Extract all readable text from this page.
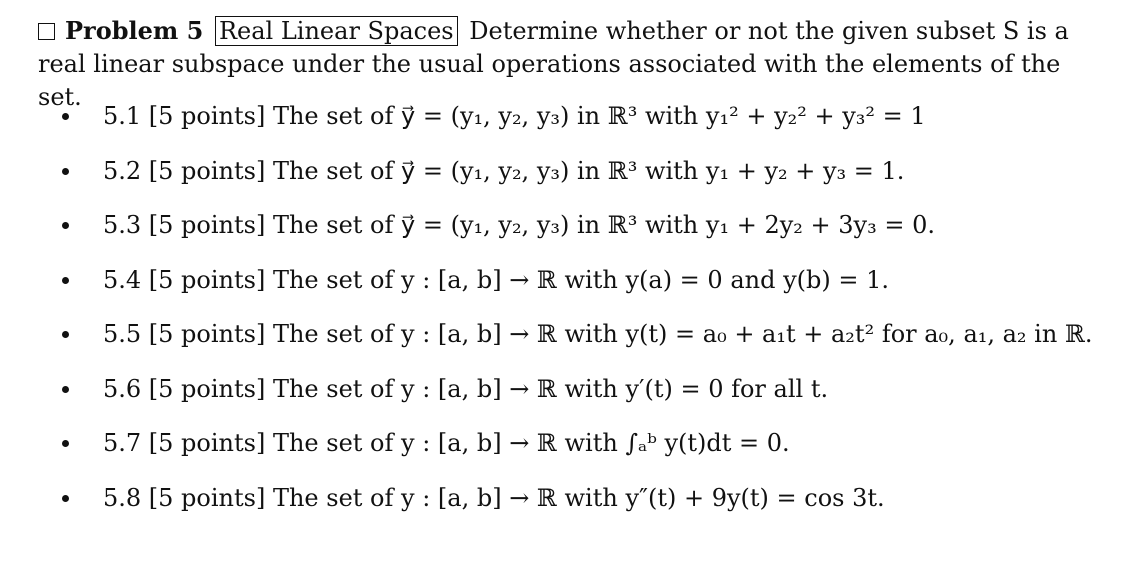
Problem 5 Real Linear Spaces Determine whether or not the given subset S is a
real linear subspace under the usual operations associated with the elements of the set.
5.1 [5 points] The set of y⃗ = (y₁, y₂, y₃) in ℝ³ with y₁² + y₂² + y₃² = 1
5.2 [5 points] The set of y⃗ = (y₁, y₂, y₃) in ℝ³ with y₁ + y₂ + y₃ = 1.
5.3 [5 points] The set of y⃗ = (y₁, y₂, y₃) in ℝ³ with y₁ + 2y₂ + 3y₃ = 0.
5.4 [5 points] The set of y : [a, b] → ℝ with y(a) = 0 and y(b) = 1.
5.5 [5 points] The set of y : [a, b] → ℝ with y(t) = a₀ + a₁t + a₂t² for a₀, a₁, a₂ in ℝ.
5.6 [5 points] The set of y : [a, b] → ℝ with y′(t) = 0 for all t.
5.7 [5 points] The set of y : [a, b] → ℝ with ∫ₐᵇ y(t)dt = 0.
5.8 [5 points] The set of y : [a, b] → ℝ with y″(t) + 9y(t) = cos 3t.
